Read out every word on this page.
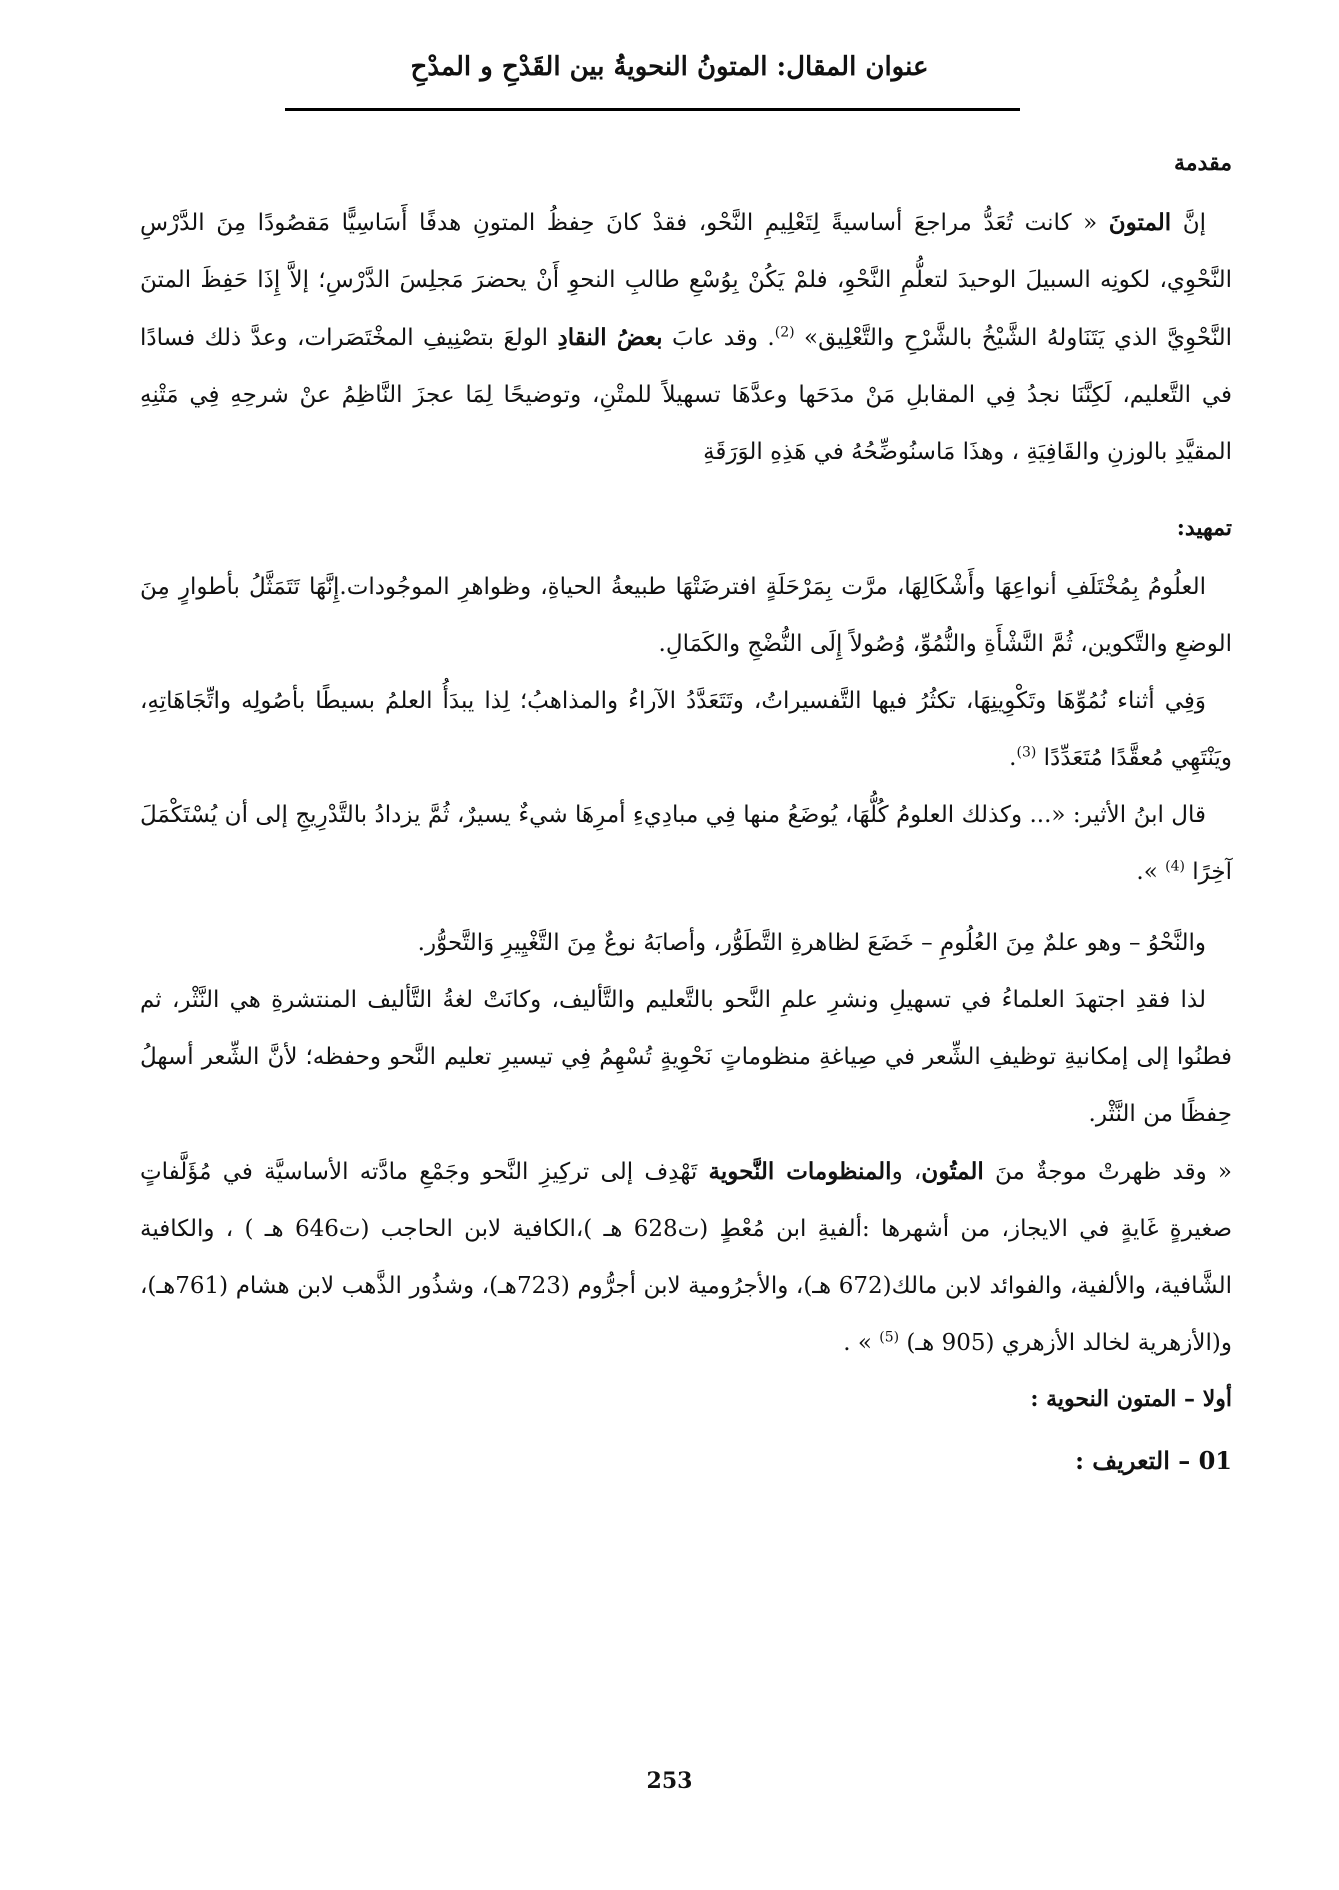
عنوان المقال: المتونُ النحويةُ بين القَدْحِ و المدْحِ
مقدمة

إنَّ المتونَ « كانت تُعَدُّ مراجعَ أساسيةً لِتَعْلِيمِ النَّحْو، فقدْ كانَ حِفظُ المتونِ هدفًا أَسَاسِيًّا مَقصُودًا مِنَ الدَّرْسِ النَّحْوِي، لكونِه السبيلَ الوحيدَ لتعلُّمِ النَّحْوِ، فلمْ يَكُنْ بِوُسْعِ طالبِ النحوِ أَنْ يحضرَ مَجلِسَ الدَّرْسِ؛ إلاَّ إِذَا حَفِظَ المتنَ النَّحْوِيَّ الذي يَتَنَاولهُ الشَّيْخُ بالشَّرْحِ والتَّعْلِيق» $^{(2)}$. وقد عابَ بعضُ النقادِ الولعَ بتصْنِيفِ المخْتَصَرات، وعدَّ ذلك فسادًا في التَّعليم، لَكِنَّنَا نجدُ فِي المقابلِ مَنْ مدَحَها وعدَّهَا تسهيلاً للمتْنِ، وتوضيحًا لِمَا عجزَ النَّاظِمُ عنْ شرحِهِ فِي مَتْنِهِ المقيَّدِ بالوزنِ والقَافِيَةِ ، وهذَا مَاسنُوضِّحُهُ في هَذِهِ الوَرَقَةِ

تمهيد:

العلُومُ بِمُخْتَلَفِ أنواعِهَا وأَشْكَالِهَا، مرَّت بِمَرْحَلَةٍ افترضَتْهَا طبيعةُ الحياةِ، وظواهرِ الموجُودات.إِنَّهَا تَتَمَثَّلُ بأطوارٍ مِنَ الوضعِ والتَّكوين، ثُمَّ النَّشْأَةِ والنُّمُوِّ، وُصُولاً إِلَى النُّضْجِ والكَمَالِ.

وَفِي أثناء نُمُوِّهَا وتَكْوِينِهَا، تكثُرُ فيها التَّفسيراتُ، وتَتَعَدَّدُ الآراءُ والمذاهبُ؛ لِذا يبدَأُ العلمُ بسيطًا بأصُولِه واتِّجَاهَاتِهِ، ويَنْتَهِي مُعقَّدًا مُتَعَدِّدًا $^{(3)}$.

قال ابنُ الأثير: «... وكذلك العلومُ كُلُّهَا، يُوضَعُ منها فِي مبادِيءِ أمرِهَا شيءٌ يسيرٌ، ثُمَّ يزدادُ بالتَّدْرِيجِ إلى أن يُسْتَكْمَلَ آخِرًا $^{(4)}$ ».

والنَّحْوُ – وهو علمٌ مِنَ العُلُومِ – خَضَعَ لظاهرةِ التَّطَوُّر، وأصابَهُ نوعٌ مِنَ التَّغْيِيرِ وَالتَّحوُّر.

لذا فقدِ اجتهدَ العلماءُ في تسهيلِ ونشرِ علمِ النَّحو بالتَّعليم والتَّأليف، وكانَتْ لغةُ التَّأليف المنتشرةِ هي النَّثْر، ثم فطنُوا إلى إمكانيةِ توظيفِ الشِّعر في صِياغةِ منظوماتٍ نَحْوِيةٍ تُسْهِمُ فِي تيسيرِ تعليم النَّحو وحفظه؛ لأنَّ الشِّعر أسهلُ حِفظًا من النَّثْر.

« وقد ظهرتْ موجةٌ منَ المتُون، والمنظومات النَّحوية تَهْدِف إلى تركِيزِ النَّحو وجَمْعِ مادَّته الأساسيَّة في مُؤَلَّفاتٍ صغيرةٍ غَايةٍ في الايجاز، من أشهرها :ألفيةِ ابن مُعْطٍ (ت628 هـ )،الكافية لابن الحاجب (ت646 هـ ) ، والكافية الشَّافية، والألفية، والفوائد لابن مالك(672 هـ)، والأجرُومية لابن أجرُّوم (723هـ)، وشذُور الذَّهب لابن هشام (761هـ)، و(الأزهرية لخالد الأزهري (905 هـ) $^{(5)}$ » .

أولا – المتون النحوية :

01 – التعريف :

253
